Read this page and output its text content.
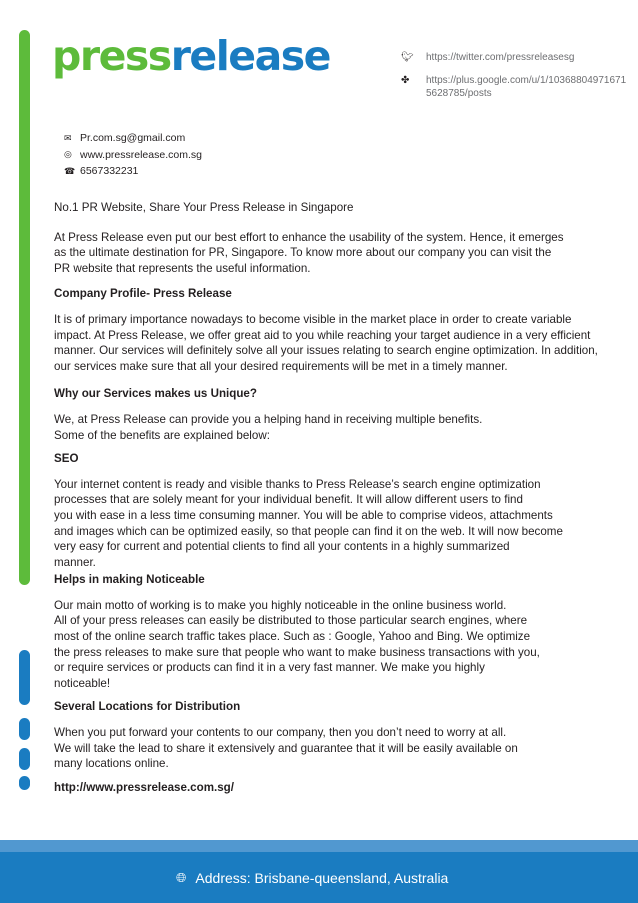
pressrelease	🐦︎	https://twitter.com/pressreleasesg
✤	https://plus.google.com/u/1/103688049716715628785/posts
✉ Pr.com.sg@gmail.com
◎ www.pressrelease.com.sg
☎ 6567332231

No.1 PR Website, Share Your Press Release in Singapore

At Press Release even put our best effort to enhance the usability of the system. Hence, it emerges
as the ultimate destination for PR, Singapore. To know more about our company you can visit the
PR website that represents the useful information.

Company Profile- Press Release

It is of primary importance nowadays to become visible in the market place in order to create variable
impact. At Press Release, we offer great aid to you while reaching your target audience in a very efficient
manner. Our services will definitely solve all your issues relating to search engine optimization. In addition,
our services make sure that all your desired requirements will be met in a timely manner.

Why our Services makes us Unique?

We, at Press Release can provide you a helping hand in receiving multiple benefits.
Some of the benefits are explained below:

SEO

Your internet content is ready and visible thanks to Press Release’s search engine optimization
processes that are solely meant for your individual benefit. It will allow different users to find
you with ease in a less time consuming manner. You will be able to comprise videos, attachments
and images which can be optimized easily, so that people can find it on the web. It will now become
very easy for current and potential clients to find all your contents in a highly summarized
manner.

Helps in making Noticeable

Our main motto of working is to make you highly noticeable in the online business world.
All of your press releases can easily be distributed to those particular search engines, where
most of the online search traffic takes place. Such as : Google, Yahoo and Bing. We optimize
the press releases to make sure that people who want to make business transactions with you,
or require services or products can find it in a very fast manner. We make you highly
noticeable!

Several Locations for Distribution

When you put forward your contents to our company, then you don’t need to worry at all.
We will take the lead to share it extensively and guarantee that it will be easily available on
many locations online.

http://www.pressrelease.com.sg/

🌐︎ Address: Brisbane-queensland, Australia
